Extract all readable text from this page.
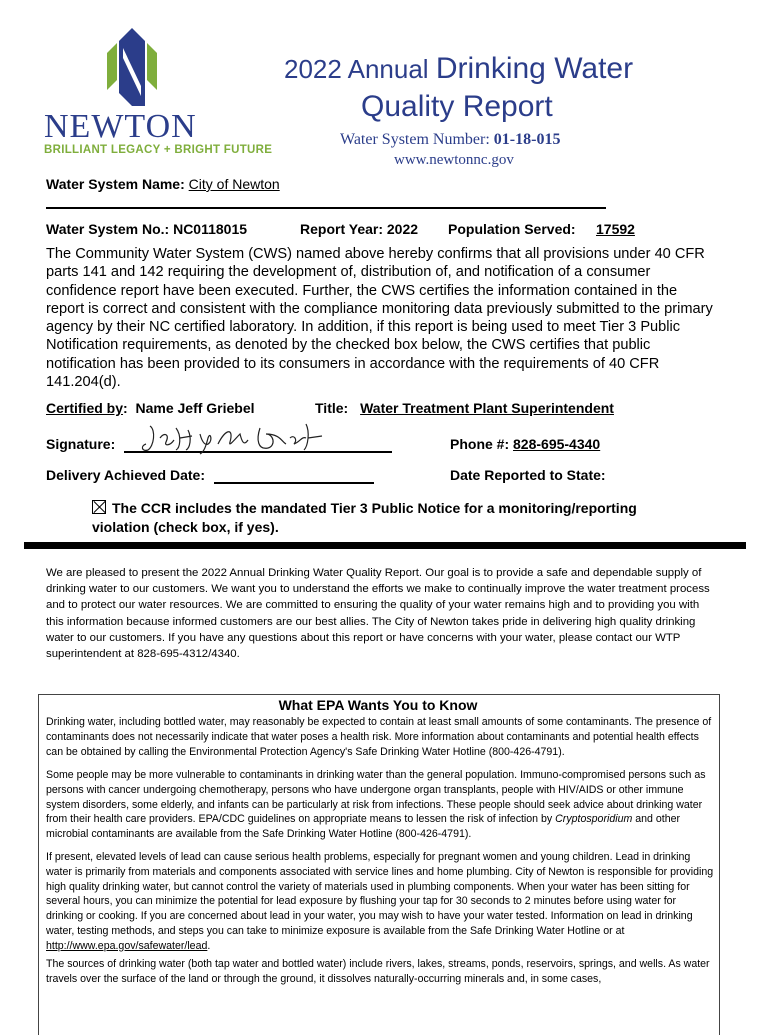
NEWTON
BRILLIANT LEGACY + BRIGHT FUTURE
2022 Annual Drinking Water
Quality Report
Water System Number: 01-18-015
www.newtonnc.gov
Water System Name: City of Newton
Water System No.: NC0118015	Report Year: 2022 Population Served: 17592
The Community Water System (CWS) named above hereby confirms that all provisions under 40 CFR parts 141 and 142 requiring the development of, distribution of, and notification of a consumer confidence report have been executed. Further, the CWS certifies the information contained in the report is correct and consistent with the compliance monitoring data previously submitted to the primary agency by their NC certified laboratory. In addition, if this report is being used to meet Tier 3 Public Notification requirements, as denoted by the checked box below, the CWS certifies that public notification has been provided to its consumers in accordance with the requirements of 40 CFR 141.204(d).
Certified by:  Name Jeff Griebel	Title: Water Treatment Plant Superintendent
Signature:	Phone #: 828-695-4340
Delivery Achieved Date:	Date Reported to State:
The CCR includes the mandated Tier 3 Public Notice for a monitoring/reporting violation (check box, if yes).
We are pleased to present the 2022 Annual Drinking Water Quality Report. Our goal is to provide a safe and dependable supply of drinking water to our customers. We want you to understand the efforts we make to continually improve the water treatment process and to protect our water resources. We are committed to ensuring the quality of your water remains high and to providing you with this information because informed customers are our best allies. The City of Newton takes pride in delivering high quality drinking water to our customers. If you have any questions about this report or have concerns with your water, please contact our WTP superintendent at 828-695-4312/4340.
What EPA Wants You to Know
Drinking water, including bottled water, may reasonably be expected to contain at least small amounts of some contaminants. The presence of contaminants does not necessarily indicate that water poses a health risk. More information about contaminants and potential health effects can be obtained by calling the Environmental Protection Agency's Safe Drinking Water Hotline (800-426-4791).
Some people may be more vulnerable to contaminants in drinking water than the general population. Immuno-compromised persons such as persons with cancer undergoing chemotherapy, persons who have undergone organ transplants, people with HIV/AIDS or other immune system disorders, some elderly, and infants can be particularly at risk from infections. These people should seek advice about drinking water from their health care providers. EPA/CDC guidelines on appropriate means to lessen the risk of infection by Cryptosporidium and other microbial contaminants are available from the Safe Drinking Water Hotline (800-426-4791).
If present, elevated levels of lead can cause serious health problems, especially for pregnant women and young children. Lead in drinking water is primarily from materials and components associated with service lines and home plumbing. City of Newton is responsible for providing high quality drinking water, but cannot control the variety of materials used in plumbing components. When your water has been sitting for several hours, you can minimize the potential for lead exposure by flushing your tap for 30 seconds to 2 minutes before using water for drinking or cooking. If you are concerned about lead in your water, you may wish to have your water tested. Information on lead in drinking water, testing methods, and steps you can take to minimize exposure is available from the Safe Drinking Water Hotline or at http://www.epa.gov/safewater/lead.
The sources of drinking water (both tap water and bottled water) include rivers, lakes, streams, ponds, reservoirs, springs, and wells. As water travels over the surface of the land or through the ground, it dissolves naturally-occurring minerals and, in some cases,
